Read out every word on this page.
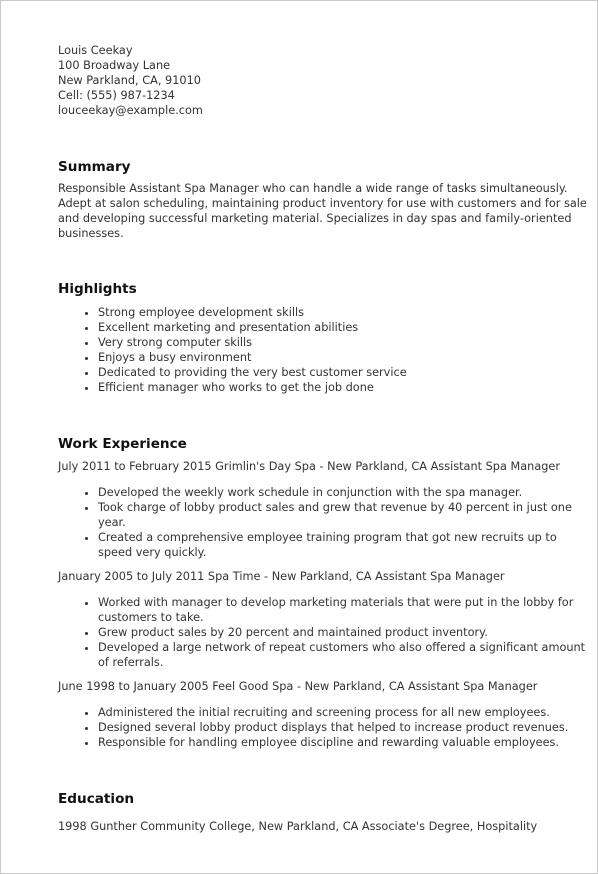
Louis Ceekay
100 Broadway Lane
New Parkland, CA, 91010
Cell: (555) 987-1234
louceekay@example.com
Summary
Responsible Assistant Spa Manager who can handle a wide range of tasks simultaneously. Adept at salon scheduling, maintaining product inventory for use with customers and for sale and developing successful marketing material. Specializes in day spas and family-oriented businesses.
Highlights
• Strong employee development skills
• Excellent marketing and presentation abilities
• Very strong computer skills
• Enjoys a busy environment
• Dedicated to providing the very best customer service
• Efficient manager who works to get the job done
Work Experience
July 2011 to February 2015 Grimlin's Day Spa - New Parkland, CA Assistant Spa Manager
• Developed the weekly work schedule in conjunction with the spa manager.
• Took charge of lobby product sales and grew that revenue by 40 percent in just one year.
• Created a comprehensive employee training program that got new recruits up to speed very quickly.
January 2005 to July 2011 Spa Time - New Parkland, CA Assistant Spa Manager
• Worked with manager to develop marketing materials that were put in the lobby for customers to take.
• Grew product sales by 20 percent and maintained product inventory.
• Developed a large network of repeat customers who also offered a significant amount of referrals.
June 1998 to January 2005 Feel Good Spa - New Parkland, CA Assistant Spa Manager
• Administered the initial recruiting and screening process for all new employees.
• Designed several lobby product displays that helped to increase product revenues.
• Responsible for handling employee discipline and rewarding valuable employees.
Education
1998 Gunther Community College, New Parkland, CA Associate's Degree, Hospitality
